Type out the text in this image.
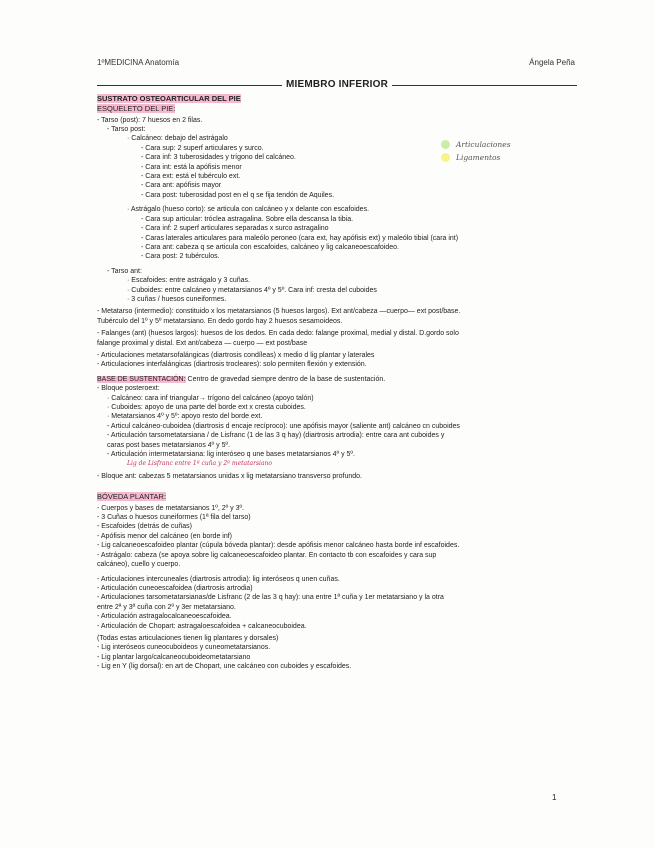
Articulaciones
Ligamentos
1ºMEDICINA Anatomía	Ángela Peña
MIEMBRO INFERIOR
SUSTRATO OSTEOARTICULAR DEL PIE
ESQUELETO DEL PIE:
- Tarso (post): 7 huesos en 2 filas.
- Tarso post:
· Calcáneo: debajo del astrágalo
- Cara sup: 2 superf articulares y surco.
- Cara inf: 3 tuberosidades y trígono del calcáneo.
- Cara int: está la apófisis menor
- Cara ext: está el tubérculo ext.
- Cara ant: apófisis mayor
- Cara post: tuberosidad post en el q se fija tendón de Aquiles.
· Astrágalo (hueso corto): se articula con calcáneo y x delante con escafoides.
- Cara sup articular: tróclea astragalina. Sobre ella descansa la tibia.
- Cara inf: 2 superf articulares separadas x surco astragalino
- Caras laterales articulares para maleólo peroneo (cara ext, hay apófisis ext) y maleólo tibial (cara int)
- Cara ant: cabeza q se articula con escafoides, calcáneo y lig calcaneoescafoideo.
- Cara post: 2 tubérculos.
- Tarso ant:
· Escafoides: entre astrágalo y 3 cuñas.
· Cuboides: entre calcáneo y metatarsianos 4º y 5º. Cara inf: cresta del cuboides
· 3 cuñas / huesos cuneiformes.
- Metatarso (intermedio): constituido x los metatarsianos (5 huesos largos). Ext ant/cabeza —cuerpo— ext post/base.
Tubérculo del 1º y 5º metatarsiano. En dedo gordo hay 2 huesos sesamoideos.
- Falanges (ant) (huesos largos): huesos de los dedos. En cada dedo: falange proximal, medial y distal. D.gordo solo
falange proximal y distal. Ext ant/cabeza — cuerpo — ext post/base
- Articulaciones metatarsofalángicas (diartrosis condíleas) x medio d lig plantar y laterales
- Articulaciones interfalángicas (diartrosis trocleares): solo permiten flexión y extensión.
BASE DE SUSTENTACIÓN: Centro de gravedad siempre dentro de la base de sustentación.
- Bloque posteroext:
· Calcáneo: cara inf triangular→ trígono del calcáneo (apoyo talón)
· Cuboides: apoyo de una parte del borde ext x cresta cuboides.
· Metatarsianos 4º y 5º: apoyo resto del borde ext.
- Articul calcáneo-cuboidea (diartrosis d encaje recíproco): une apófisis mayor (saliente ant) calcáneo cn cuboides
- Articulación tarsometatarsiana / de Lisfranc (1 de las 3 q hay) (diartrosis artrodia): entre cara ant cuboides y
caras post bases metatarsianos 4º y 5º.
- Articulación intermetatarsiana: lig interóseo q une bases metatarsianos 4º y 5º.
Lig de Lisfranc entre 1ª cuña y 2º metatarsiano
- Bloque ant: cabezas 5 metatarsianos unidas x lig metatarsiano transverso profundo.
BÓVEDA PLANTAR:
- Cuerpos y bases de metatarsianos 1º, 2º y 3º.
- 3 Cuñas o huesos cuneiformes (1ª fila del tarso)
- Escafoides (detrás de cuñas)
- Apófisis menor del calcáneo (en borde inf)
- Lig calcaneoescafoideo plantar (cúpula bóveda plantar): desde apófisis menor calcáneo hasta borde inf escafoides.
- Astrágalo: cabeza (se apoya sobre lig calcaneoescafoideo plantar. En contacto tb con escafoides y cara sup
calcáneo), cuello y cuerpo.
- Articulaciones intercuneales (diartrosis artrodia): lig interóseos q unen cuñas.
- Articulación cuneoescafoidea (diartrosis artrodia)
- Articulaciones tarsometatarsianas/de Lisfranc (2 de las 3 q hay): una entre 1ª cuña y 1er metatarsiano y la otra
entre 2ª y 3ª cuña con 2º y 3er metatarsiano.
- Articulación astragalocalcaneoescafoidea.
- Articulación de Chopart: astragaloescafoidea + calcaneocuboidea.
(Todas estas articulaciones tienen lig plantares y dorsales)
- Lig interóseos cuneocuboideos y cuneometatarsianos.
- Lig plantar largo/calcaneocuboideometatarsiano
- Lig en Y (lig dorsal): en art de Chopart, une calcáneo con cuboides y escafoides.
1
